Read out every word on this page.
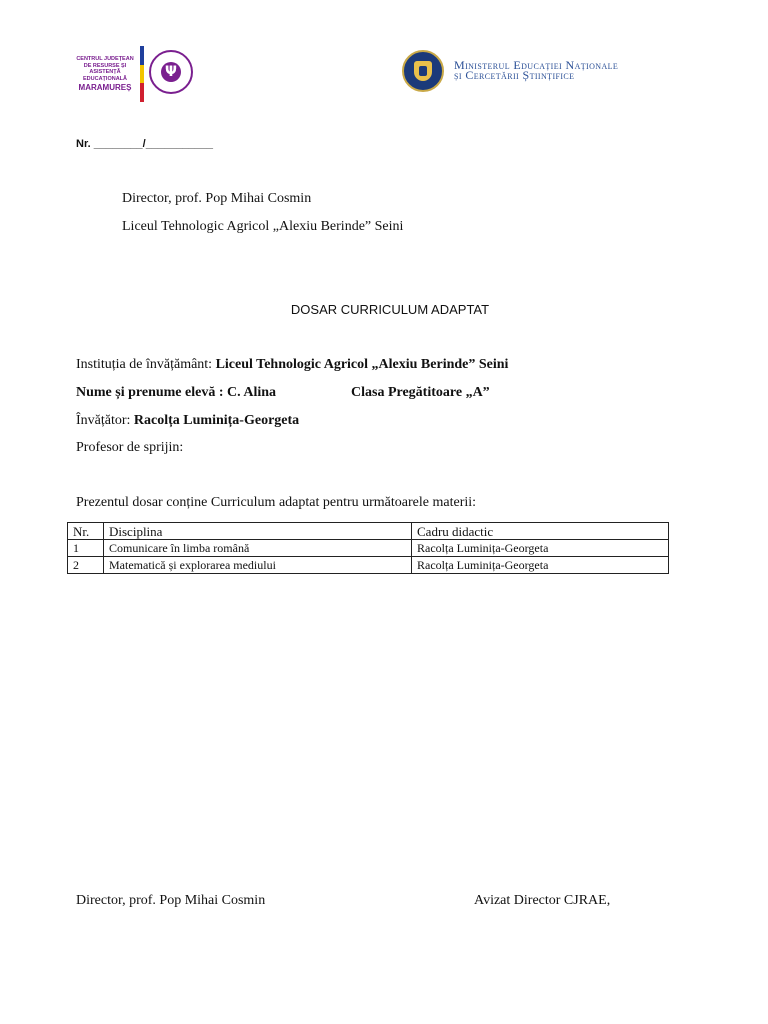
CENTRUL JUDEȚEAN
DE RESURSE ȘI
ASISTENȚĂ
EDUCAȚIONALĂ
MARAMUREȘ
Ψ	Ministerul Educației Naționale
și Cercetării Științifice
Nr. ________/___________
Director, prof. Pop Mihai Cosmin
Liceul Tehnologic Agricol „Alexiu Berinde” Seini
DOSAR CURRICULUM ADAPTAT
Instituția de învățământ: Liceul Tehnologic Agricol „Alexiu Berinde” Seini
Nume și prenume elevă : C. Alina	Clasa Pregătitoare „A”
Învățător: Racolța Luminița-Georgeta
Profesor de sprijin:
Prezentul dosar conține Curriculum adaptat pentru următoarele materii:
Nr.	Disciplina	Cadru didactic
1	Comunicare în limba română	Racolța Luminița-Georgeta
2	Matematică și explorarea mediului	Racolța Luminița-Georgeta
Director, prof. Pop Mihai Cosmin	Avizat Director CJRAE,
